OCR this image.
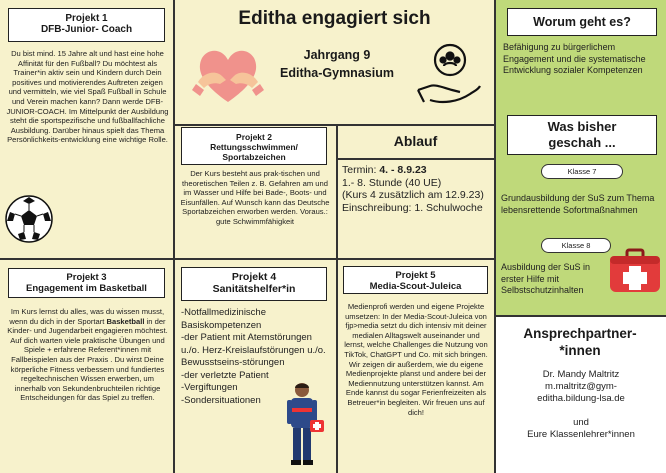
Projekt 1
DFB-Junior- Coach
Du bist mind. 15 Jahre alt und hast eine hohe Affinität für den Fußball? Du möchtest als Trainer*in aktiv sein und Kindern durch Dein positives und motivierendes Auftreten zeigen und vermitteln, wie viel Spaß Fußball in Schule und Verein machen kann? Dann werde DFB-JUNIOR-COACH. Im Mittelpunkt der Ausbildung steht die sportspezifische und fußballfachliche Ausbildung. Darüber hinaus spielt das Thema Persönlichkeits-entwicklung eine wichtige Rolle.
Editha engagiert sich
Jahrgang 9
Editha-Gymnasium
Projekt 2
Rettungsschwimmen/ Sportabzeichen
Der Kurs besteht aus prak-tischen und theoretischen Teilen z. B. Gefahren am und im Wasser und Hilfe bei Bade-, Boots- und Eisunfällen. Auf Wunsch kann das Deutsche Sportabzeichen erworben werden. Voraus.: gute Schwimmfähigkeit
Ablauf
Termin: 4. - 8.9.23
1.- 8. Stunde (40 UE)
(Kurs 4 zusätzlich am 12.9.23)
Einschreibung: 1. Schulwoche
Projekt 3
Engagement im Basketball
Im Kurs lernst du alles, was du wissen musst, wenn du dich in der Sportart Basketball in der Kinder- und Jugendarbeit engagieren möchtest. Auf dich warten viele praktische Übungen und Spiele + erfahrene Referent*innen mit Fallbeispielen aus der Praxis . Du wirst Deine körperliche Fitness verbessern und fundiertes regeltechnischen Wissen erwerben, um innerhalb von Sekundenbruchteilen richtige Entscheidungen für das Spiel zu treffen.
Projekt 4
Sanitätshelfer*in
-Notfallmedizinische Basiskompetenzen
-der Patient mit Atemstörungen u./o. Herz-Kreislaufstörungen u./o. Bewusstseins-störungen
-der verletzte Patient
-Vergiftungen
-Sondersituationen
Projekt 5
Media-Scout-Juleica
Medienprofi werden und eigene Projekte umsetzen: In der Media-Scout-Juleica von fjp>media setzt du dich intensiv mit deiner medialen Alltagswelt auseinander und lernst, welche Challenges die Nutzung von TikTok, ChatGPT und Co. mit sich bringen. Wir zeigen dir außerdem, wie du eigene Medienprojekte planst und andere bei der Mediennutzung unterstützen kannst. Am Ende kannst du sogar Ferienfreizeiten als Betreuer*in begleiten. Wir freuen uns auf dich!
Worum geht es?
Befähigung zu bürgerlichem Engagement und die systematische Entwicklung sozialer Kompetenzen
Was bisher geschah ...
Klasse 7
Grundausbildung der SuS zum Thema lebensrettende Sofortmaßnahmen
Klasse 8
Ausbildung der SuS in erster Hilfe mit Selbstschutzinhalten
Ansprechpartner-*innen
Dr. Mandy Maltritz
m.maltritz@gym-
editha.bildung-lsa.de
und
Eure Klassenlehrer*innen
